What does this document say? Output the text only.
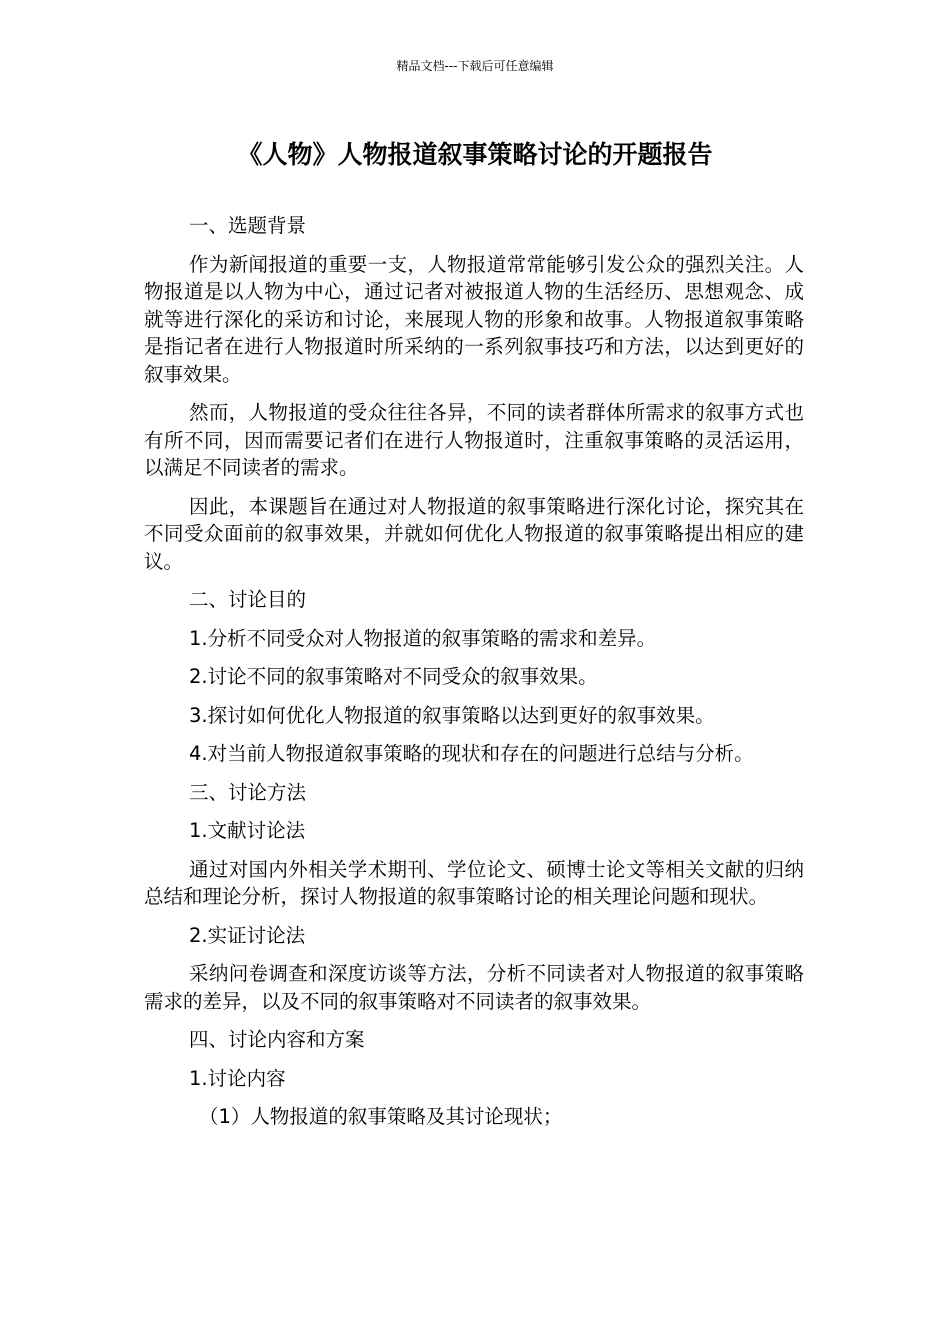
精品文档---下载后可任意编辑
《人物》人物报道叙事策略讨论的开题报告

一、选题背景

作为新闻报道的重要一支，人物报道常常能够引发公众的强烈关注。人物报道是以人物为中心，通过记者对被报道人物的生活经历、思想观念、成就等进行深化的采访和讨论，来展现人物的形象和故事。人物报道叙事策略是指记者在进行人物报道时所采纳的一系列叙事技巧和方法，以达到更好的叙事效果。

然而，人物报道的受众往往各异，不同的读者群体所需求的叙事方式也有所不同，因而需要记者们在进行人物报道时，注重叙事策略的灵活运用，以满足不同读者的需求。

因此，本课题旨在通过对人物报道的叙事策略进行深化讨论，探究其在不同受众面前的叙事效果，并就如何优化人物报道的叙事策略提出相应的建议。

二、讨论目的

1.分析不同受众对人物报道的叙事策略的需求和差异。

2.讨论不同的叙事策略对不同受众的叙事效果。

3.探讨如何优化人物报道的叙事策略以达到更好的叙事效果。

4.对当前人物报道叙事策略的现状和存在的问题进行总结与分析。

三、讨论方法

1.文献讨论法

通过对国内外相关学术期刊、学位论文、硕博士论文等相关文献的归纳总结和理论分析，探讨人物报道的叙事策略讨论的相关理论问题和现状。

2.实证讨论法

采纳问卷调查和深度访谈等方法，分析不同读者对人物报道的叙事策略需求的差异，以及不同的叙事策略对不同读者的叙事效果。

四、讨论内容和方案

1.讨论内容

（1）人物报道的叙事策略及其讨论现状；
